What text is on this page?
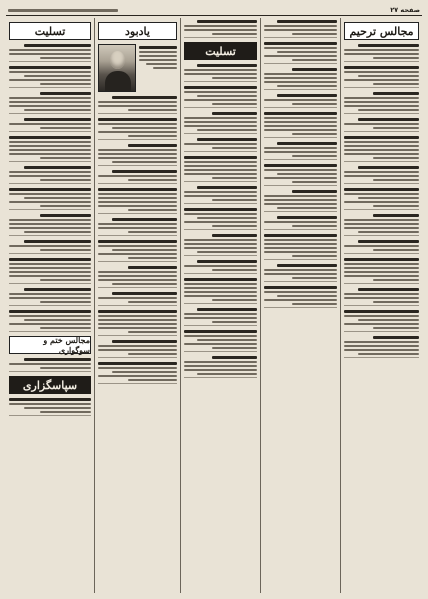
صفحه ۲۷
تسلیت
مجالس ختم و سوگواری
سپاسگزاری
یادبود
تسلیت
مجالس ترحیم
